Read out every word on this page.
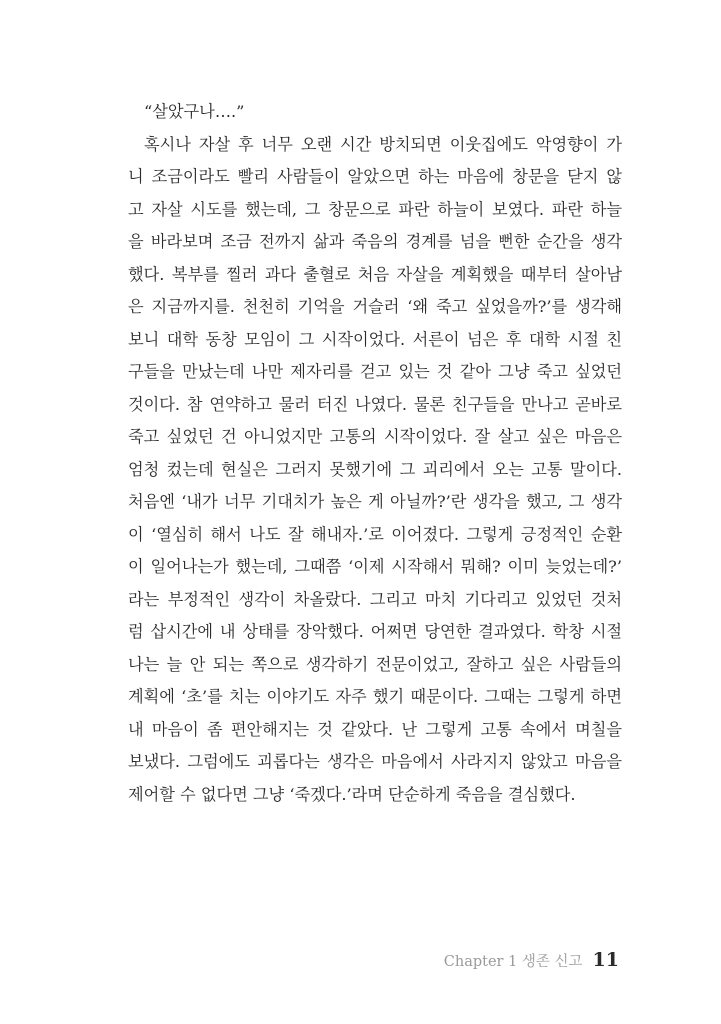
“살았구나….”
혹시나 자살 후 너무 오랜 시간 방치되면 이웃집에도 악영향이 가
니 조금이라도 빨리 사람들이 알았으면 하는 마음에 창문을 닫지 않
고 자살 시도를 했는데, 그 창문으로 파란 하늘이 보였다. 파란 하늘
을 바라보며 조금 전까지 삶과 죽음의 경계를 넘을 뻔한 순간을 생각
했다. 복부를 찔러 과다 출혈로 처음 자살을 계획했을 때부터 살아남
은 지금까지를. 천천히 기억을 거슬러 ‘왜 죽고 싶었을까?’를 생각해
보니 대학 동창 모임이 그 시작이었다. 서른이 넘은 후 대학 시절 친
구들을 만났는데 나만 제자리를 걷고 있는 것 같아 그냥 죽고 싶었던
것이다. 참 연약하고 물러 터진 나였다. 물론 친구들을 만나고 곧바로
죽고 싶었던 건 아니었지만 고통의 시작이었다. 잘 살고 싶은 마음은
엄청 컸는데 현실은 그러지 못했기에 그 괴리에서 오는 고통 말이다.
처음엔 ‘내가 너무 기대치가 높은 게 아닐까?’란 생각을 했고, 그 생각
이 ‘열심히 해서 나도 잘 해내자.’로 이어졌다. 그렇게 긍정적인 순환
이 일어나는가 했는데, 그때쯤 ‘이제 시작해서 뭐해? 이미 늦었는데?’
라는 부정적인 생각이 차올랐다. 그리고 마치 기다리고 있었던 것처
럼 삽시간에 내 상태를 장악했다. 어쩌면 당연한 결과였다. 학창 시절
나는 늘 안 되는 쪽으로 생각하기 전문이었고, 잘하고 싶은 사람들의
계획에 ‘초’를 치는 이야기도 자주 했기 때문이다. 그때는 그렇게 하면
내 마음이 좀 편안해지는 것 같았다. 난 그렇게 고통 속에서 며칠을
보냈다. 그럼에도 괴롭다는 생각은 마음에서 사라지지 않았고 마음을
제어할 수 없다면 그냥 ‘죽겠다.’라며 단순하게 죽음을 결심했다.
Chapter 1 생존 신고 11
